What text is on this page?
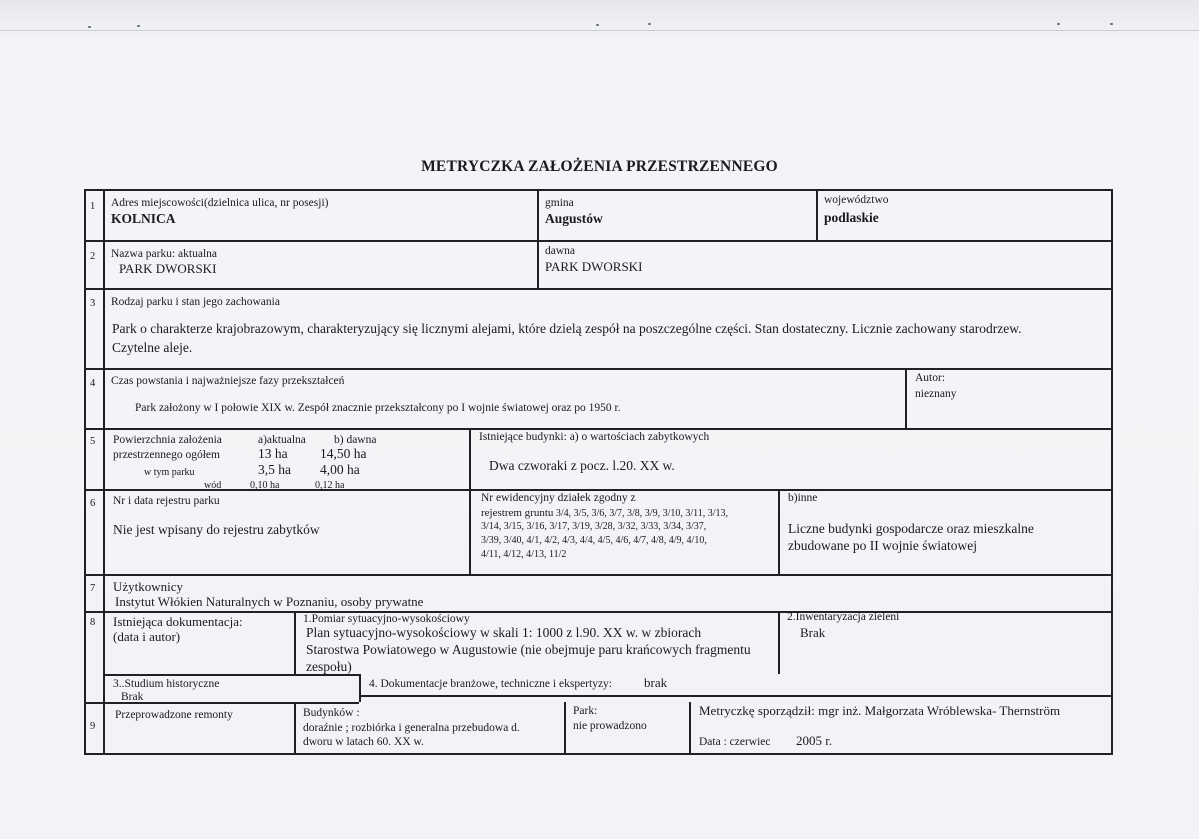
METRYCZKA ZAŁOŻENIA PRZESTRZENNEGO
1 Adres miejscowości(dzielnica ulica, nr posesji)
KOLNICA
gmina
Augustów
województwo
podlaskie
2 Nazwa parku: aktualna
PARK DWORSKI
dawna
PARK DWORSKI
3 Rodzaj parku i stan jego zachowania
Park o charakterze krajobrazowym, charakteryzujący się licznymi alejami, które dzielą zespół na poszczególne części. Stan dostateczny. Licznie zachowany starodrzew.
Czytelne aleje.
4 Czas powstania i najważniejsze fazy przekształceń
Park założony w I połowie XIX w. Zespół znacznie przekształcony po I wojnie światowej oraz po 1950 r.
Autor:
nieznany
5 Powierzchnia założenia
przestrzennego ogółem
a)aktualna b) dawna
13 ha 14,50 ha
w tym parku	3,5 ha 4,00 ha
wód	0,10 ha	0,12 ha
Istniejące budynki: a) o wartościach zabytkowych
Dwa czworaki z pocz. l.20. XX w.
6 Nr i data rejestru parku
Nie jest wpisany do rejestru zabytków
Nr ewidencyjny działek zgodny z
rejestrem gruntu 3/4, 3/5, 3/6, 3/7, 3/8, 3/9, 3/10, 3/11, 3/13,
3/14, 3/15, 3/16, 3/17, 3/19, 3/28, 3/32, 3/33, 3/34, 3/37,
3/39, 3/40, 4/1, 4/2, 4/3, 4/4, 4/5, 4/6, 4/7, 4/8, 4/9, 4/10,
4/11, 4/12, 4/13, 11/2
b)inne
Liczne budynki gospodarcze oraz mieszkalne
zbudowane po II wojnie światowej
7 Użytkownicy
Instytut Włókien Naturalnych w Poznaniu, osoby prywatne
8 Istniejąca dokumentacja:
(data i autor)
1.Pomiar sytuacyjno-wysokościowy
Plan sytuacyjno-wysokościowy w skali 1: 1000 z l.90. XX w. w zbiorach
Starostwa Powiatowego w Augustowie (nie obejmuje paru krańcowych fragmentu
zespołu)
2.Inwentaryzacja zieleni
Brak
3..Studium historyczne
Brak
4. Dokumentacje branżowe, techniczne i ekspertyzy: brak
9
Przeprowadzone remonty	Budynków :
doraźnie ; rozbiórka i generalna przebudowa d.
dworu w latach 60. XX w.
Park:
nie prowadzono
Metryczkę sporządził: mgr inż. Małgorzata Wróblewska- Thernström
Data : czerwiec 2005 r.
